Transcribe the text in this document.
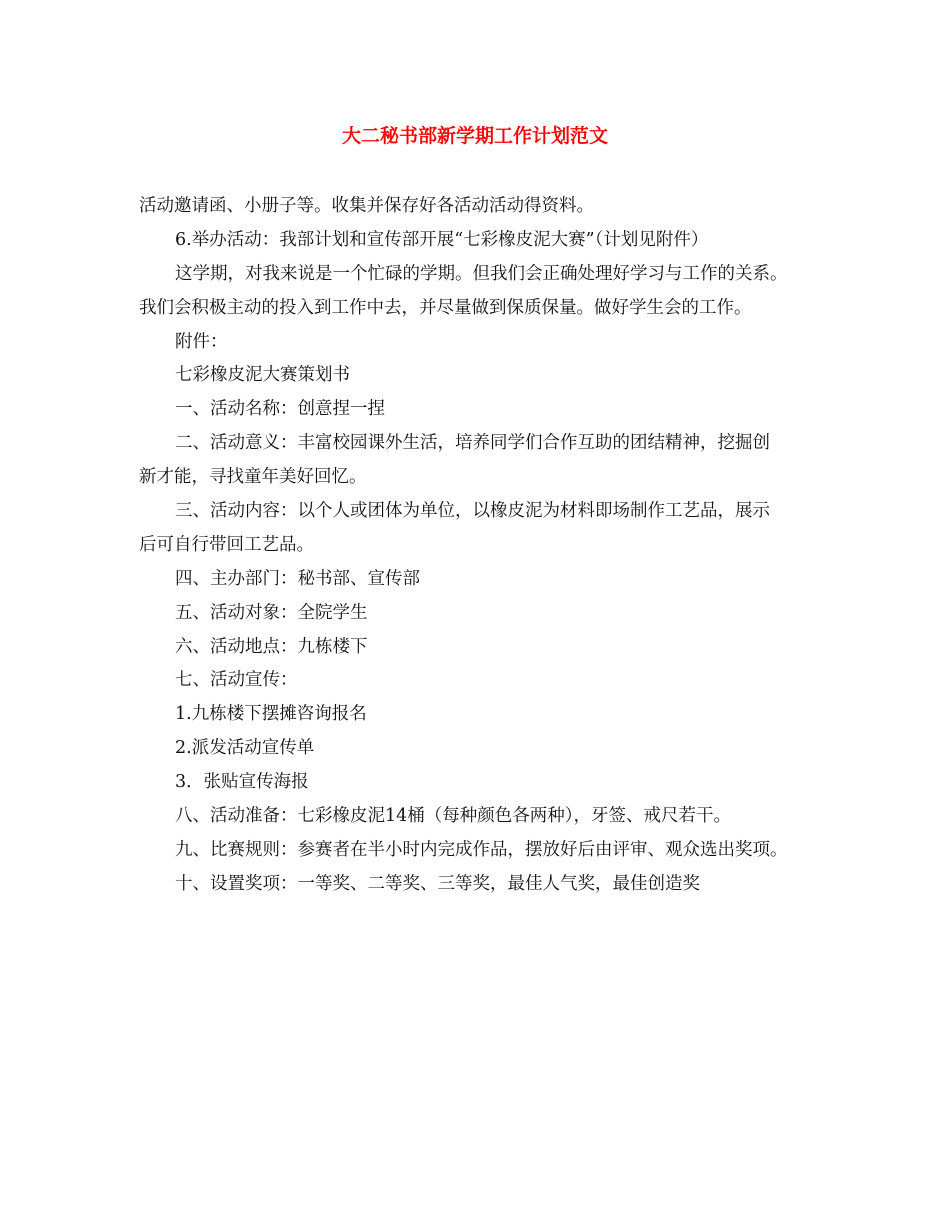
大二秘书部新学期工作计划范文

活动邀请函、小册子等。收集并保存好各活动活动得资料。

6.举办活动：我部计划和宣传部开展“七彩橡皮泥大赛”（计划见附件）

这学期，对我来说是一个忙碌的学期。但我们会正确处理好学习与工作的关系。

我们会积极主动的投入到工作中去，并尽量做到保质保量。做好学生会的工作。

附件：

七彩橡皮泥大赛策划书

一、活动名称：创意捏一捏

二、活动意义：丰富校园课外生活，培养同学们合作互助的团结精神，挖掘创

新才能，寻找童年美好回忆。

三、活动内容：以个人或团体为单位，以橡皮泥为材料即场制作工艺品，展示

后可自行带回工艺品。

四、主办部门：秘书部、宣传部

五、活动对象：全院学生

六、活动地点：九栋楼下

七、活动宣传：

1.九栋楼下摆摊咨询报名

2.派发活动宣传单

3．张贴宣传海报

八、活动准备：七彩橡皮泥14桶（每种颜色各两种），牙签、戒尺若干。

九、比赛规则：参赛者在半小时内完成作品，摆放好后由评审、观众选出奖项。

十、设置奖项：一等奖、二等奖、三等奖，最佳人气奖，最佳创造奖
